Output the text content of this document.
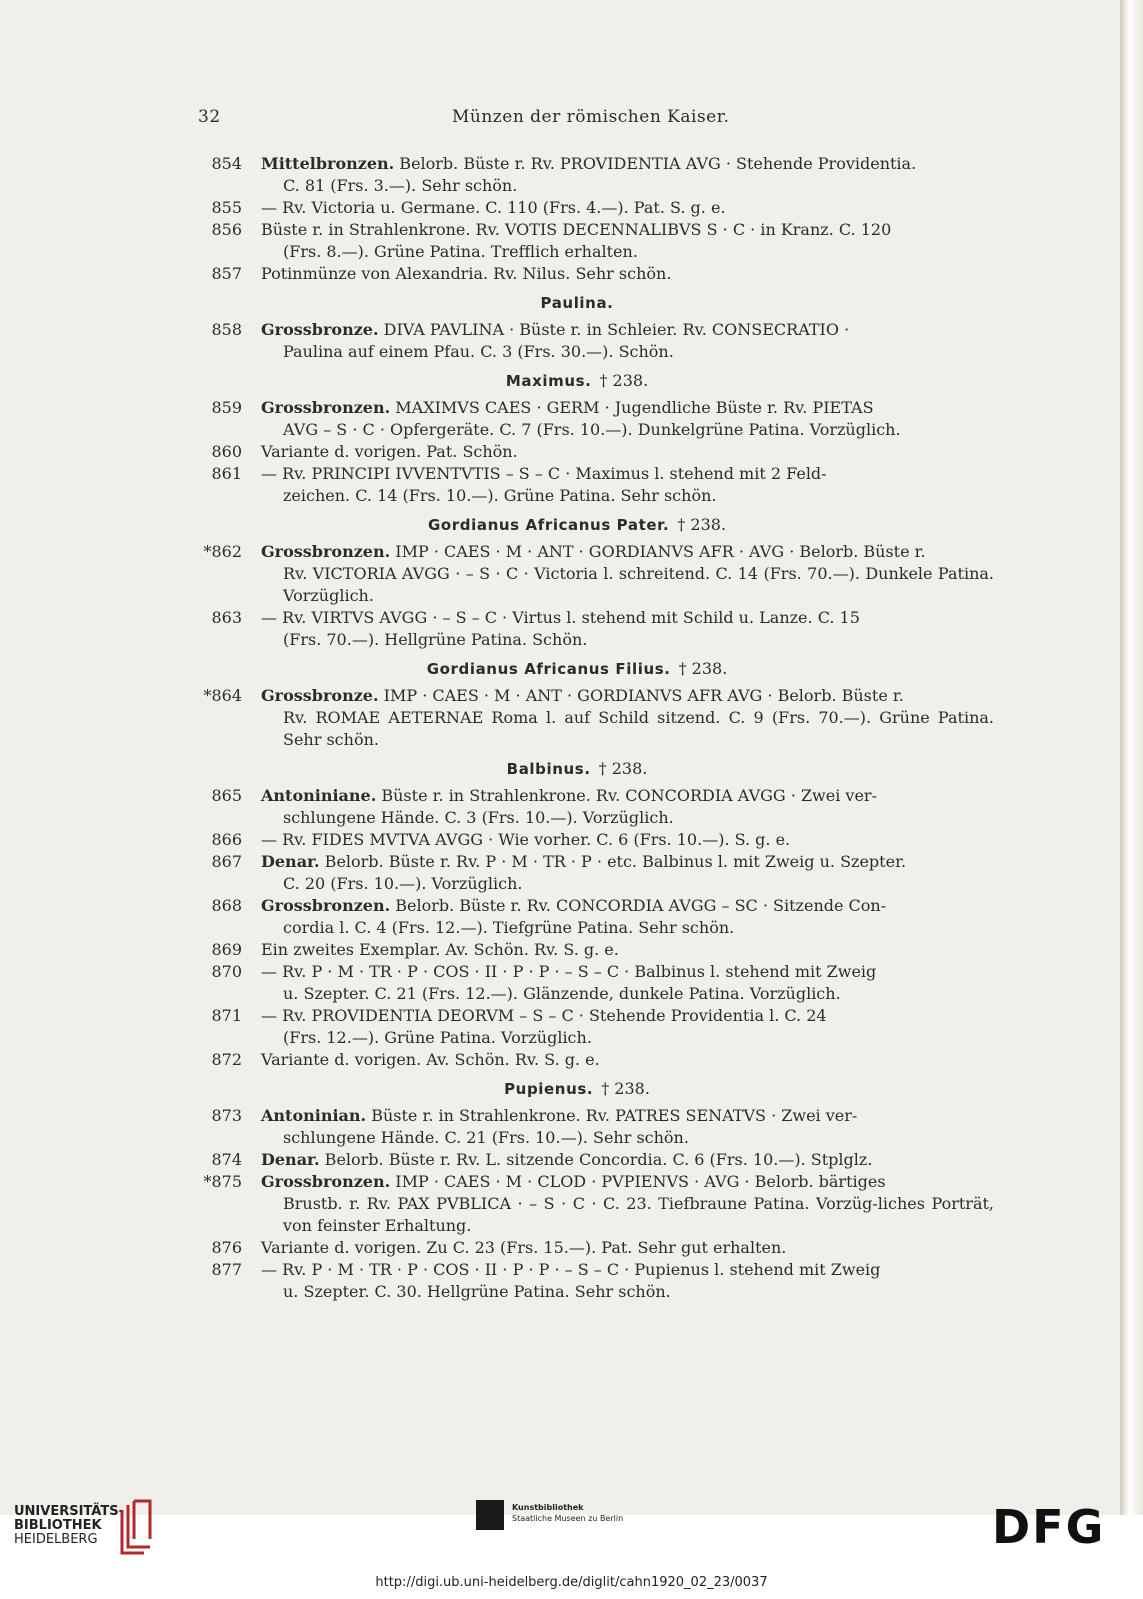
32	Münzen der römischen Kaiser.
854 Mittelbronzen. Belorb. Büste r. Rv. PROVIDENTIA AVG · Stehende Providentia.
C. 81 (Frs. 3.—). Sehr schön.
855 — Rv. Victoria u. Germane. C. 110 (Frs. 4.—). Pat. S. g. e.
856 Büste r. in Strahlenkrone. Rv. VOTIS DECENNALIBVS S · C · in Kranz. C. 120
(Frs. 8.—). Grüne Patina. Trefflich erhalten.
857 Potinmünze von Alexandria. Rv. Nilus. Sehr schön.
Paulina.
858 Grossbronze. DIVA PAVLINA · Büste r. in Schleier. Rv. CONSECRATIO ·
Paulina auf einem Pfau. C. 3 (Frs. 30.—). Schön.
Maximus. † 238.
859 Grossbronzen. MAXIMVS CAES · GERM · Jugendliche Büste r. Rv. PIETAS
AVG – S · C · Opfergeräte. C. 7 (Frs. 10.—). Dunkelgrüne Patina. Vorzüglich.
860 Variante d. vorigen. Pat. Schön.
861 — Rv. PRINCIPI IVVENTVTIS – S – C · Maximus l. stehend mit 2 Feld-
zeichen. C. 14 (Frs. 10.—). Grüne Patina. Sehr schön.
Gordianus Africanus Pater. † 238.
*862 Grossbronzen. IMP · CAES · M · ANT · GORDIANVS AFR · AVG · Belorb. Büste r.
Rv. VICTORIA AVGG · – S · C · Victoria l. schreitend. C. 14 (Frs. 70.—). Dunkele Patina. Vorzüglich.
863 — Rv. VIRTVS AVGG · – S – C · Virtus l. stehend mit Schild u. Lanze. C. 15
(Frs. 70.—). Hellgrüne Patina. Schön.
Gordianus Africanus Filius. † 238.
*864 Grossbronze. IMP · CAES · M · ANT · GORDIANVS AFR AVG · Belorb. Büste r.
Rv. ROMAE AETERNAE Roma l. auf Schild sitzend. C. 9 (Frs. 70.—). Grüne Patina. Sehr schön.
Balbinus. † 238.
865 Antoniniane. Büste r. in Strahlenkrone. Rv. CONCORDIA AVGG · Zwei ver-
schlungene Hände. C. 3 (Frs. 10.—). Vorzüglich.
866 — Rv. FIDES MVTVA AVGG · Wie vorher. C. 6 (Frs. 10.—). S. g. e.
867 Denar. Belorb. Büste r. Rv. P · M · TR · P · etc. Balbinus l. mit Zweig u. Szepter.
C. 20 (Frs. 10.—). Vorzüglich.
868 Grossbronzen. Belorb. Büste r. Rv. CONCORDIA AVGG – SC · Sitzende Con-
cordia l. C. 4 (Frs. 12.—). Tiefgrüne Patina. Sehr schön.
869 Ein zweites Exemplar. Av. Schön. Rv. S. g. e.
870 — Rv. P · M · TR · P · COS · II · P · P · – S – C · Balbinus l. stehend mit Zweig
u. Szepter. C. 21 (Frs. 12.—). Glänzende, dunkele Patina. Vorzüglich.
871 — Rv. PROVIDENTIA DEORVM – S – C · Stehende Providentia l. C. 24
(Frs. 12.—). Grüne Patina. Vorzüglich.
872 Variante d. vorigen. Av. Schön. Rv. S. g. e.
Pupienus. † 238.
873 Antoninian. Büste r. in Strahlenkrone. Rv. PATRES SENATVS · Zwei ver-
schlungene Hände. C. 21 (Frs. 10.—). Sehr schön.
874 Denar. Belorb. Büste r. Rv. L. sitzende Concordia. C. 6 (Frs. 10.—). Stplglz.
*875 Grossbronzen. IMP · CAES · M · CLOD · PVPIENVS · AVG · Belorb. bärtiges
Brustb. r. Rv. PAX PVBLICA · – S · C · C. 23. Tiefbraune Patina. Vorzüg-liches Porträt, von feinster Erhaltung.
876 Variante d. vorigen. Zu C. 23 (Frs. 15.—). Pat. Sehr gut erhalten.
877 — Rv. P · M · TR · P · COS · II · P · P · – S – C · Pupienus l. stehend mit Zweig
u. Szepter. C. 30. Hellgrüne Patina. Sehr schön.
UNIVERSITÄTS-
BIBLIOTHEK
HEIDELBERG
Kunstbibliothek
Staatliche Museen zu Berlin	DFG
http://digi.ub.uni-heidelberg.de/diglit/cahn1920_02_23/0037
